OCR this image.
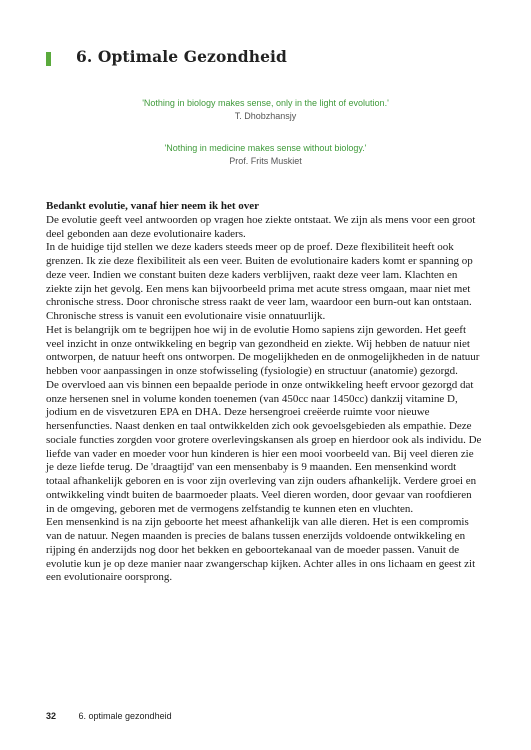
6. Optimale Gezondheid
'Nothing in biology makes sense, only in the light of evolution.'
T. Dhobzhansjy
'Nothing in medicine makes sense without biology.'
Prof. Frits Muskiet

Bedankt evolutie, vanaf hier neem ik het over

De evolutie geeft veel antwoorden op vragen hoe ziekte ontstaat. We zijn als mens voor een groot deel gebonden aan deze evolutionaire kaders.

In de huidige tijd stellen we deze kaders steeds meer op de proef. Deze flexibiliteit heeft ook grenzen. Ik zie deze flexibiliteit als een veer. Buiten de evolutionaire kaders komt er spanning op deze veer. Indien we constant buiten deze kaders verblijven, raakt deze veer lam. Klachten en ziekte zijn het gevolg. Een mens kan bijvoorbeeld prima met acute stress omgaan, maar niet met chronische stress. Door chronische stress raakt de veer lam, waardoor een burn-out kan ontstaan. Chronische stress is vanuit een evolutionaire visie onnatuurlijk.

Het is belangrijk om te begrijpen hoe wij in de evolutie Homo sapiens zijn geworden. Het geeft veel inzicht in onze ontwikkeling en begrip van gezondheid en ziekte. Wij hebben de natuur niet ontworpen, de natuur heeft ons ontworpen. De mogelijkheden en de onmogelijkheden in de natuur hebben voor aanpassingen in onze stofwisseling (fysiologie) en structuur (anatomie) gezorgd.

De overvloed aan vis binnen een bepaalde periode in onze ontwikkeling heeft ervoor gezorgd dat onze hersenen snel in volume konden toenemen (van 450cc naar 1450cc) dankzij vitamine D, jodium en de visvetzuren EPA en DHA. Deze hersengroei creëerde ruimte voor nieuwe hersenfuncties. Naast denken en taal ontwikkelden zich ook gevoelsgebieden als empathie. Deze sociale functies zorgden voor grotere overlevingskansen als groep en hierdoor ook als individu. De liefde van vader en moeder voor hun kinderen is hier een mooi voorbeeld van. Bij veel dieren zie je deze liefde terug. De 'draagtijd' van een mensenbaby is 9 maanden. Een mensenkind wordt totaal afhankelijk geboren en is voor zijn overleving van zijn ouders afhankelijk. Verdere groei en ontwikkeling vindt buiten de baarmoeder plaats. Veel dieren worden, door gevaar van roofdieren in de omgeving, geboren met de vermogens zelfstandig te kunnen eten en vluchten.

Een mensenkind is na zijn geboorte het meest afhankelijk van alle dieren. Het is een compromis van de natuur. Negen maanden is precies de balans tussen enerzijds voldoende ontwikkeling en rijping én anderzijds nog door het bekken en geboortekanaal van de moeder passen. Vanuit de evolutie kun je op deze manier naar zwangerschap kijken. Achter alles in ons lichaam en geest zit een evolutionaire oorsprong.

32	6. optimale gezondheid
